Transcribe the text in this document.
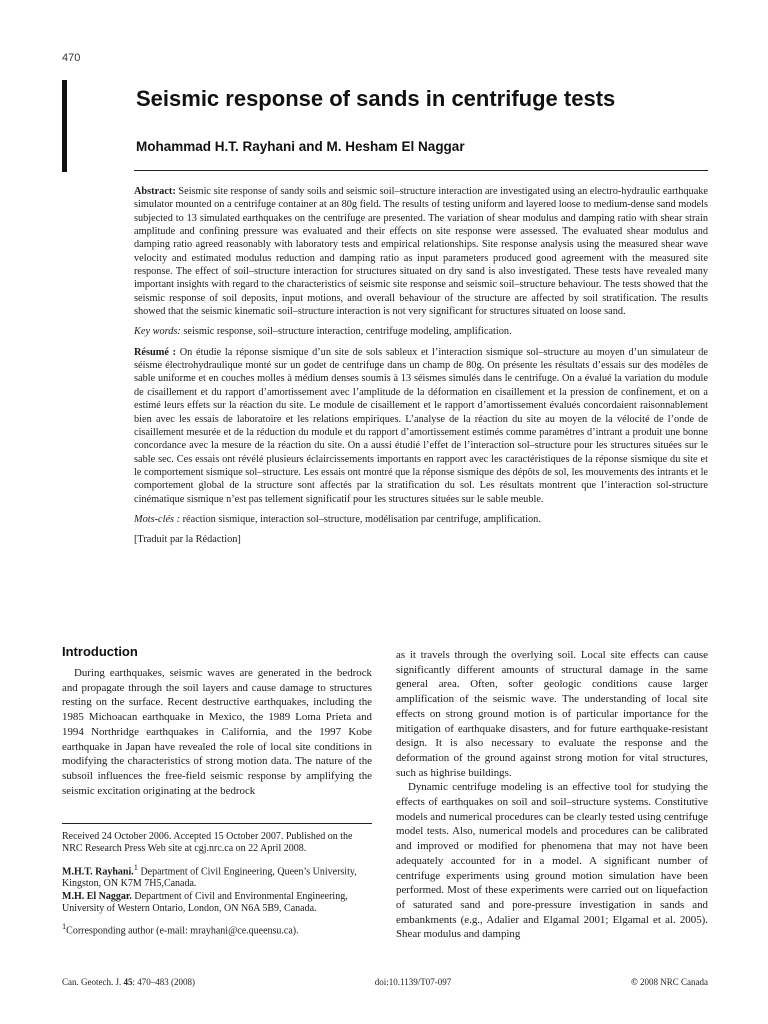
470
Seismic response of sands in centrifuge tests

Mohammad H.T. Rayhani and M. Hesham El Naggar

Abstract: Seismic site response of sandy soils and seismic soil–structure interaction are investigated using an electro-hydraulic earthquake simulator mounted on a centrifuge container at an 80g field. The results of testing uniform and layered loose to medium-dense sand models subjected to 13 simulated earthquakes on the centrifuge are presented. The variation of shear modulus and damping ratio with shear strain amplitude and confining pressure was evaluated and their effects on site response were assessed. The evaluated shear modulus and damping ratio agreed reasonably with laboratory tests and empirical relationships. Site response analysis using the measured shear wave velocity and estimated modulus reduction and damping ratio as input parameters produced good agreement with the measured site response. The effect of soil–structure interaction for structures situated on dry sand is also investigated. These tests have revealed many important insights with regard to the characteristics of seismic site response and seismic soil–structure behaviour. The tests showed that the seismic response of soil deposits, input motions, and overall behaviour of the structure are affected by soil stratification. The results showed that the seismic kinematic soil–structure interaction is not very significant for structures situated on loose sand.

Key words: seismic response, soil–structure interaction, centrifuge modeling, amplification.

Résumé : On étudie la réponse sismique d’un site de sols sableux et l’interaction sismique sol–structure au moyen d’un simulateur de séisme électrohydraulique monté sur un godet de centrifuge dans un champ de 80g. On présente les résultats d’essais sur des modèles de sable uniforme et en couches molles à médium denses soumis à 13 séismes simulés dans le centrifuge. On a évalué la variation du module de cisaillement et du rapport d’amortissement avec l’amplitude de la déformation en cisaillement et la pression de confinement, et on a estimé leurs effets sur la réaction du site. Le module de cisaillement et le rapport d’amortissement évalués concordaient raisonnablement bien avec les essais de laboratoire et les relations empiriques. L’analyse de la réaction du site au moyen de la vélocité de l’onde de cisaillement mesurée et de la réduction du module et du rapport d’amortissement estimés comme paramètres d’intrant a produit une bonne concordance avec la mesure de la réaction du site. On a aussi étudié l’effet de l’interaction sol–structure pour les structures situées sur le sable sec. Ces essais ont révélé plusieurs éclaircissements importants en rapport avec les caractéristiques de la réponse sismique du site et le comportement sismique sol–structure. Les essais ont montré que la réponse sismique des dépôts de sol, les mouvements des intrants et le comportement global de la structure sont affectés par la stratification du sol. Les résultats montrent que l’interaction sol-structure cinématique sismique n’est pas tellement significatif pour les structures situées sur le sable meuble.

Mots-clés : réaction sismique, interaction sol–structure, modélisation par centrifuge, amplification.

[Traduit par la Rédaction]

Introduction

During earthquakes, seismic waves are generated in the bedrock and propagate through the soil layers and cause damage to structures resting on the surface. Recent destructive earthquakes, including the 1985 Michoacan earthquake in Mexico, the 1989 Loma Prieta and 1994 Northridge earthquakes in California, and the 1997 Kobe earthquake in Japan have revealed the role of local site conditions in modifying the characteristics of strong motion data. The nature of the subsoil influences the free-field seismic response by amplifying the seismic excitation originating at the bedrock

Received 24 October 2006. Accepted 15 October 2007. Published on the NRC Research Press Web site at cgj.nrc.ca on 22 April 2008.

M.H.T. Rayhani.$^1$ Department of Civil Engineering, Queen’s University, Kingston, ON K7M 7H5,Canada.

M.H. El Naggar. Department of Civil and Environmental Engineering, University of Western Ontario, London, ON N6A 5B9, Canada.

$^1$Corresponding author (e-mail: mrayhani@ce.queensu.ca).

as it travels through the overlying soil. Local site effects can cause significantly different amounts of structural damage in the same general area. Often, softer geologic conditions cause larger amplification of the seismic wave. The understanding of local site effects on strong ground motion is of particular importance for the mitigation of earthquake disasters, and for future earthquake-resistant design. It is also necessary to evaluate the response and the deformation of the ground against strong motion for vital structures, such as highrise buildings.

Dynamic centrifuge modeling is an effective tool for studying the effects of earthquakes on soil and soil–structure systems. Constitutive models and numerical procedures can be clearly tested using centrifuge model tests. Also, numerical models and procedures can be calibrated and improved or modified for phenomena that may not have been adequately accounted for in a model. A significant number of centrifuge experiments using ground motion simulation have been performed. Most of these experiments were carried out on liquefaction of saturated sand and pore-pressure investigation in sands and embankments (e.g., Adalier and Elgamal 2001; Elgamal et al. 2005). Shear modulus and damping

Can. Geotech. J. 45: 470–483 (2008)	doi:10.1139/T07-097	© 2008 NRC Canada
